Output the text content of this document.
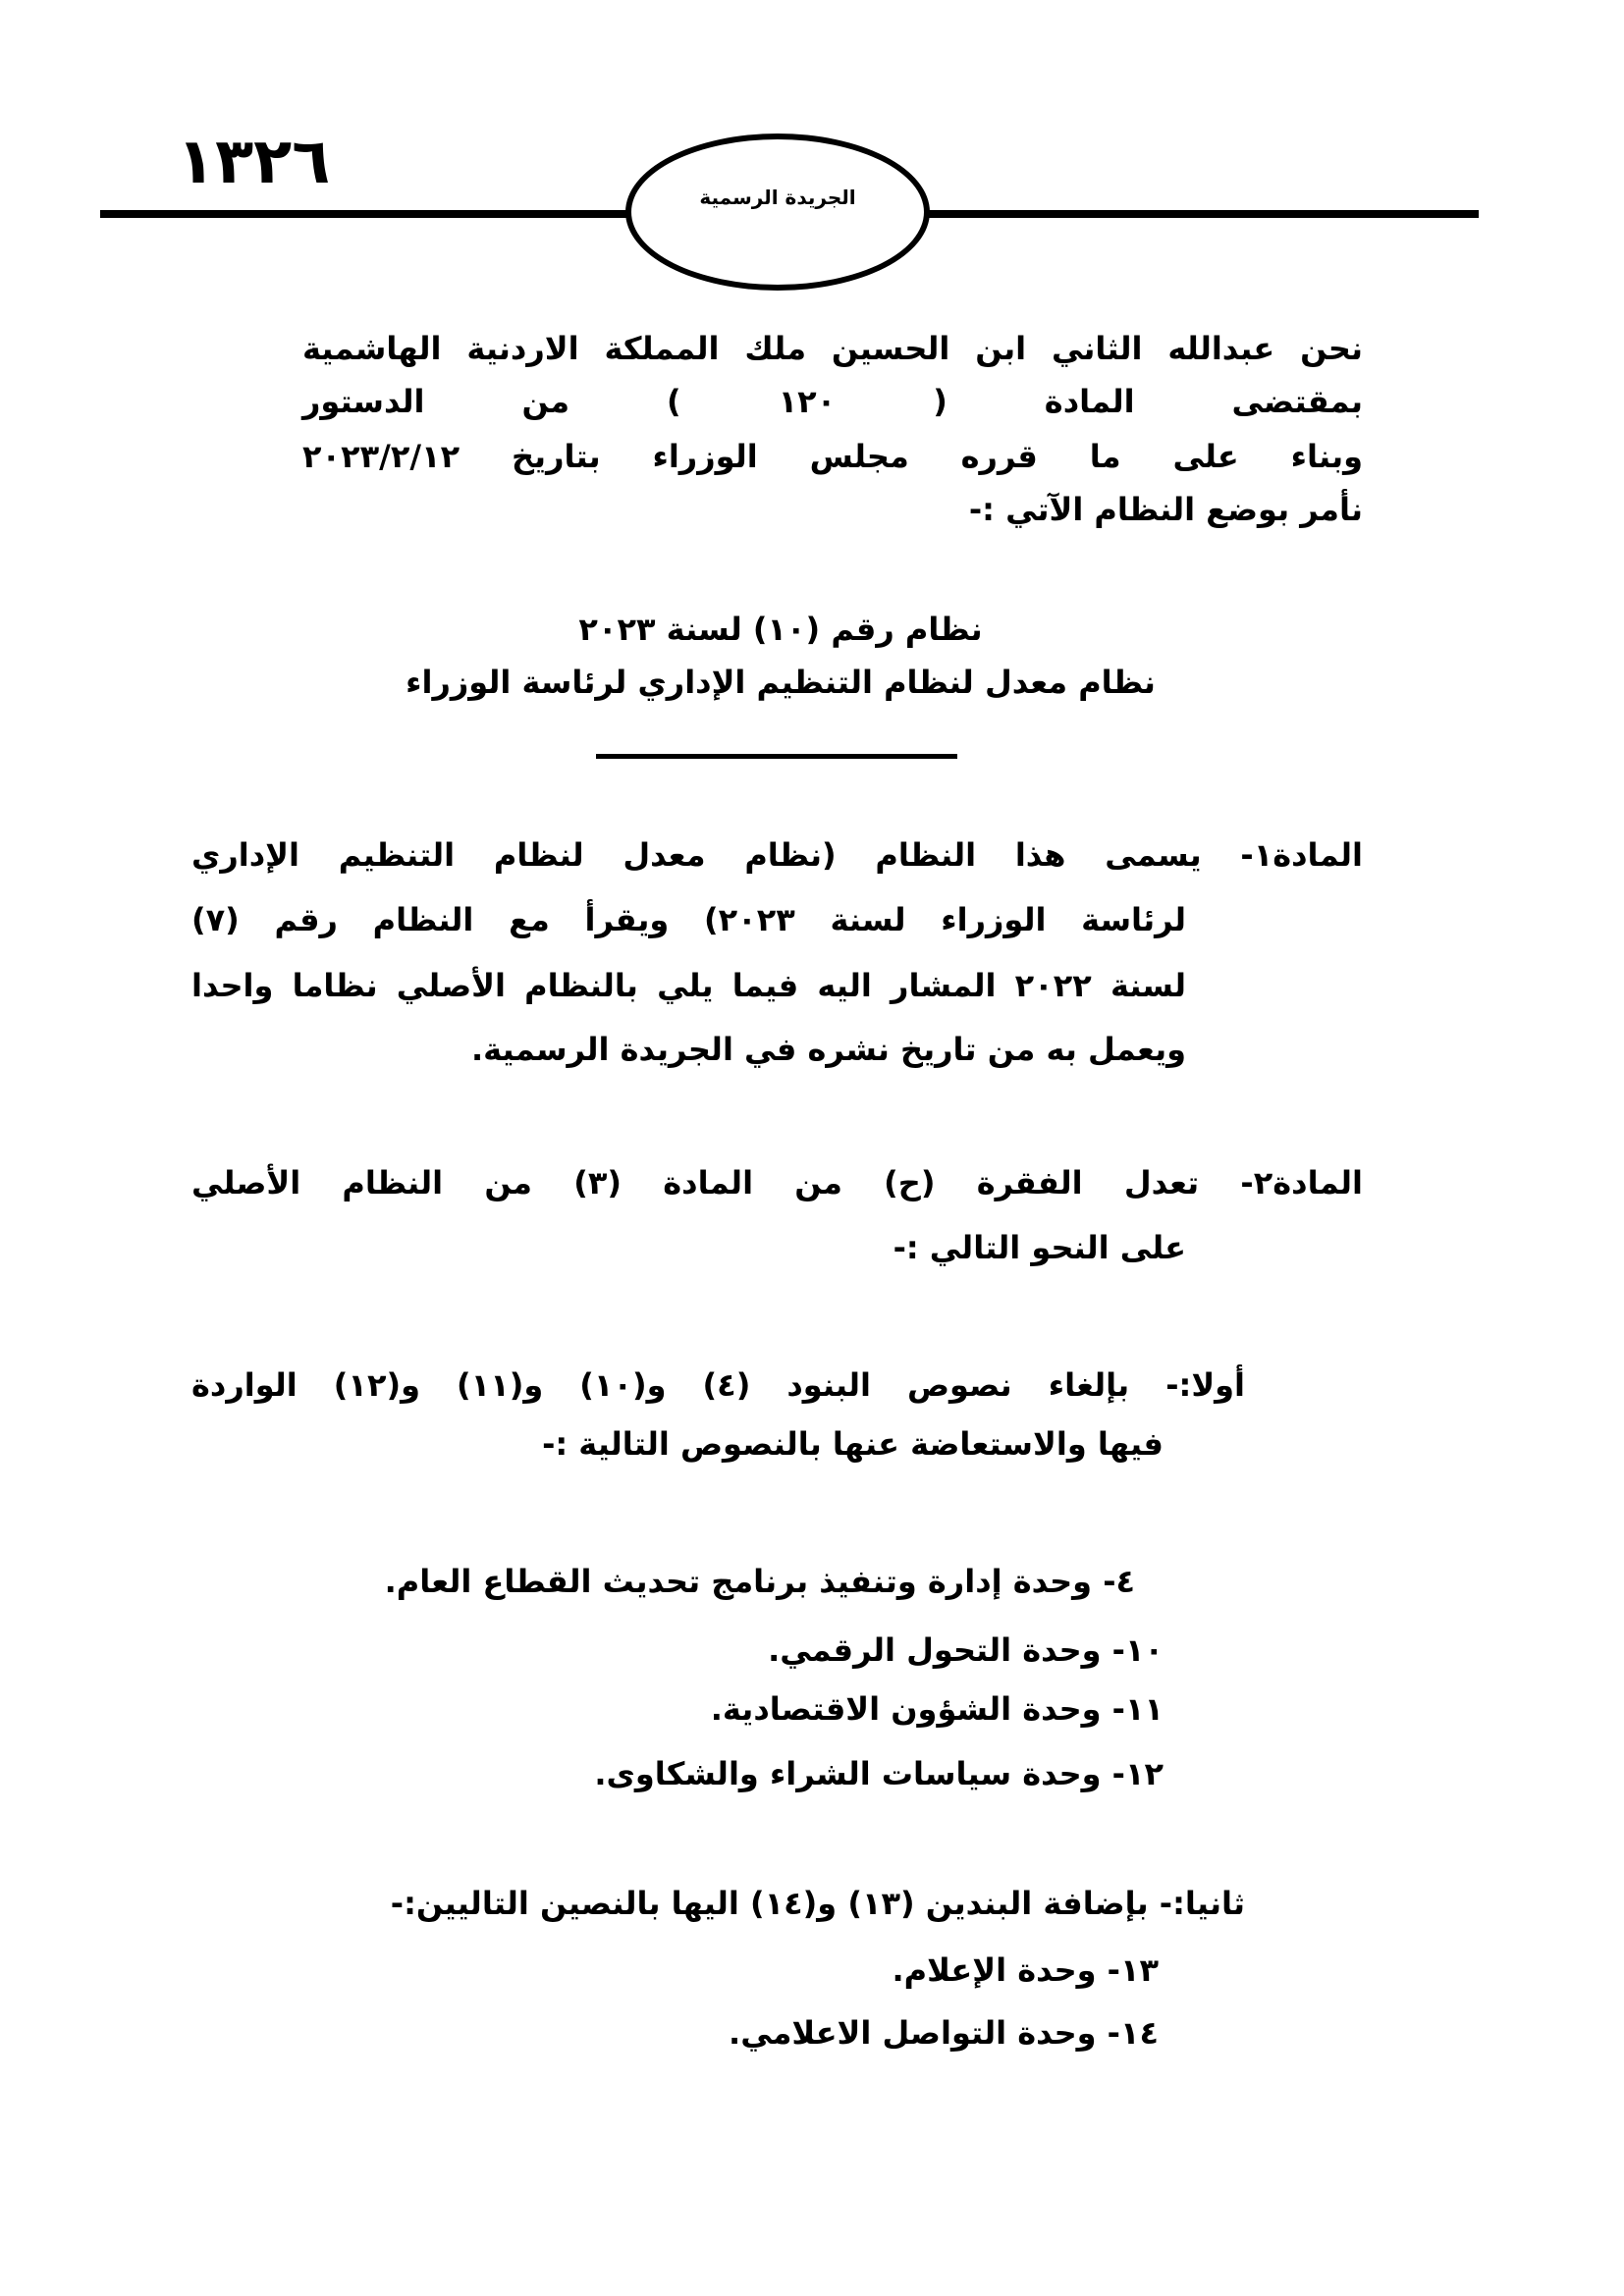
١٣٢٦	الجريدة الرسمية
نحن عبدالله الثاني ابن الحسين ملك المملكة الاردنية الهاشمية
بمقتضى المادة ( ١٢٠ ) من الدستور
وبناء على ما قرره مجلس الوزراء بتاريخ ٢٠٢٣/٢/١٢
نأمر بوضع النظام الآتي :-
نظام رقم (١٠) لسنة ٢٠٢٣
نظام معدل لنظام التنظيم الإداري لرئاسة الوزراء
المادة١- يسمى هذا النظام (نظام معدل لنظام التنظيم الإداري
لرئاسة الوزراء لسنة ٢٠٢٣) ويقرأ مع النظام رقم (٧)
لسنة ٢٠٢٢ المشار اليه فيما يلي بالنظام الأصلي نظاما واحدا
ويعمل به من تاريخ نشره في الجريدة الرسمية.
المادة٢- تعدل الفقرة (ح) من المادة (٣) من النظام الأصلي
على النحو التالي :-
أولا:- بإلغاء نصوص البنود (٤) و(١٠) و(١١) و(١٢) الواردة
فيها والاستعاضة عنها بالنصوص التالية :-
٤- وحدة إدارة وتنفيذ برنامج تحديث القطاع العام.
١٠- وحدة التحول الرقمي.
١١- وحدة الشؤون الاقتصادية.
١٢- وحدة سياسات الشراء والشكاوى.
ثانيا:- بإضافة البندين (١٣) و(١٤) اليها بالنصين التاليين:-
١٣- وحدة الإعلام.
١٤- وحدة التواصل الاعلامي.
